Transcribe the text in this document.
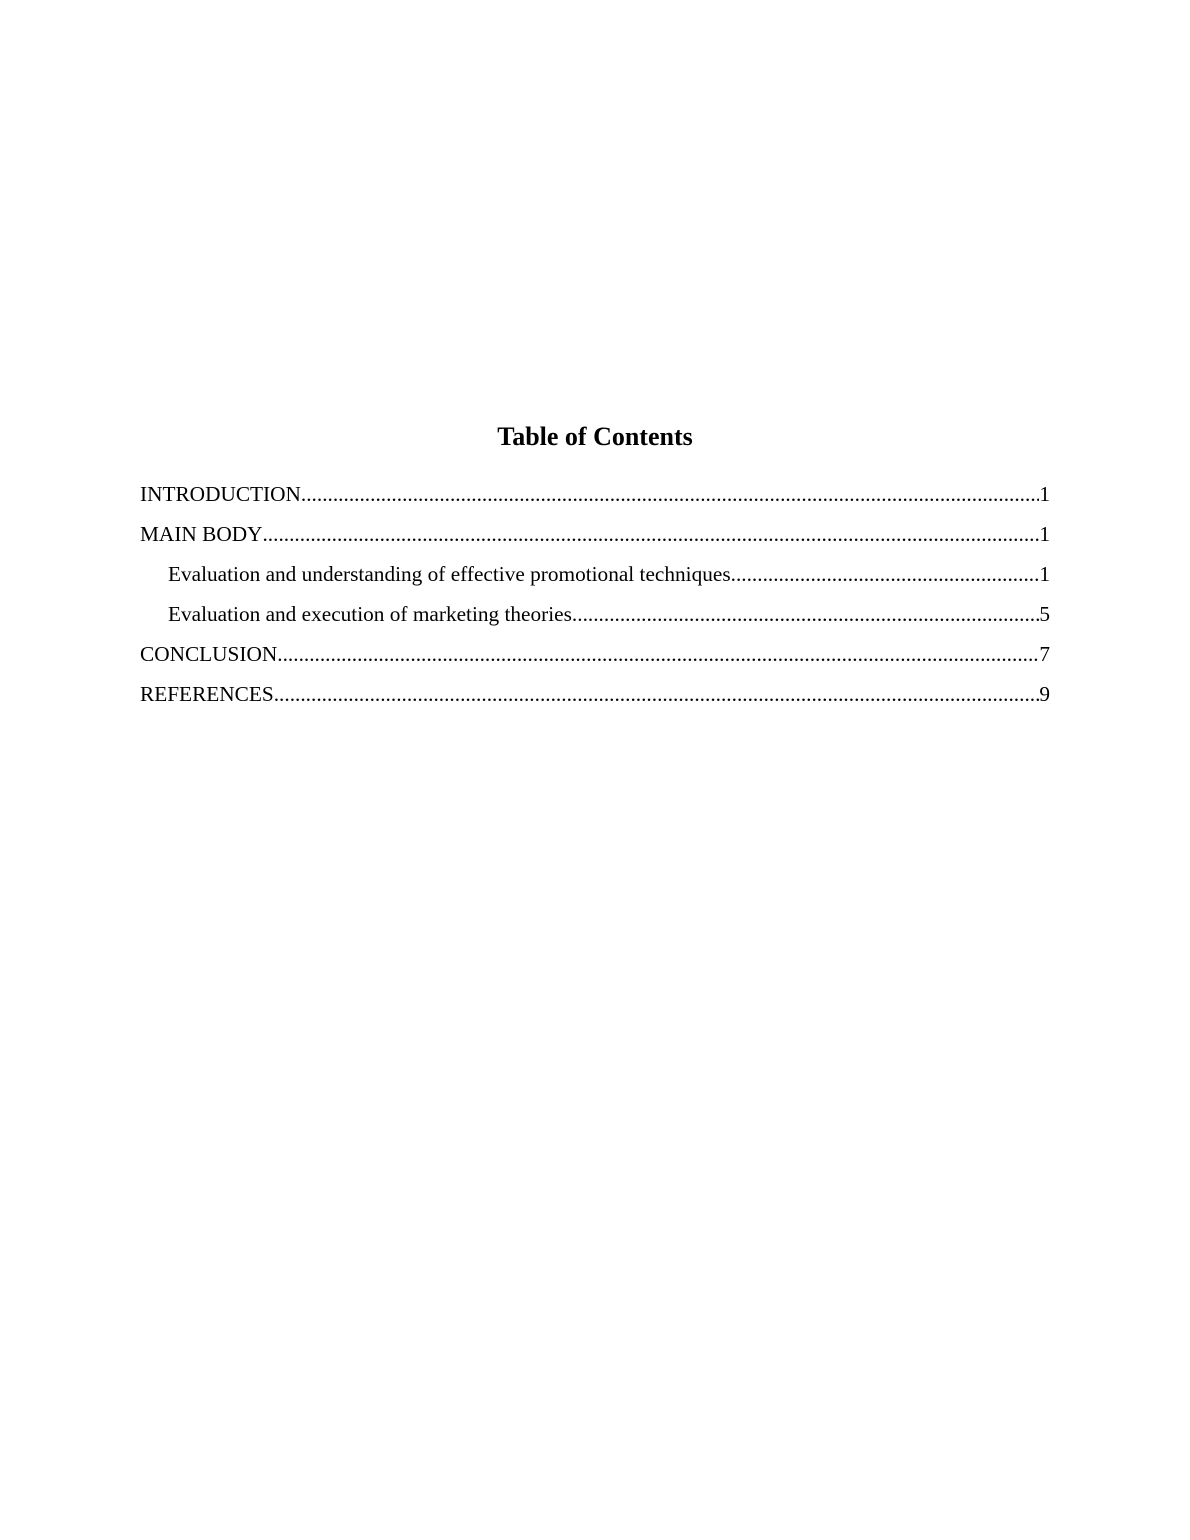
Table of Contents
INTRODUCTION .....	1
MAIN BODY .....	1
Evaluation and understanding of effective promotional techniques .....	1
Evaluation and execution of marketing theories .....	5
CONCLUSION .....	7
REFERENCES .....	9
